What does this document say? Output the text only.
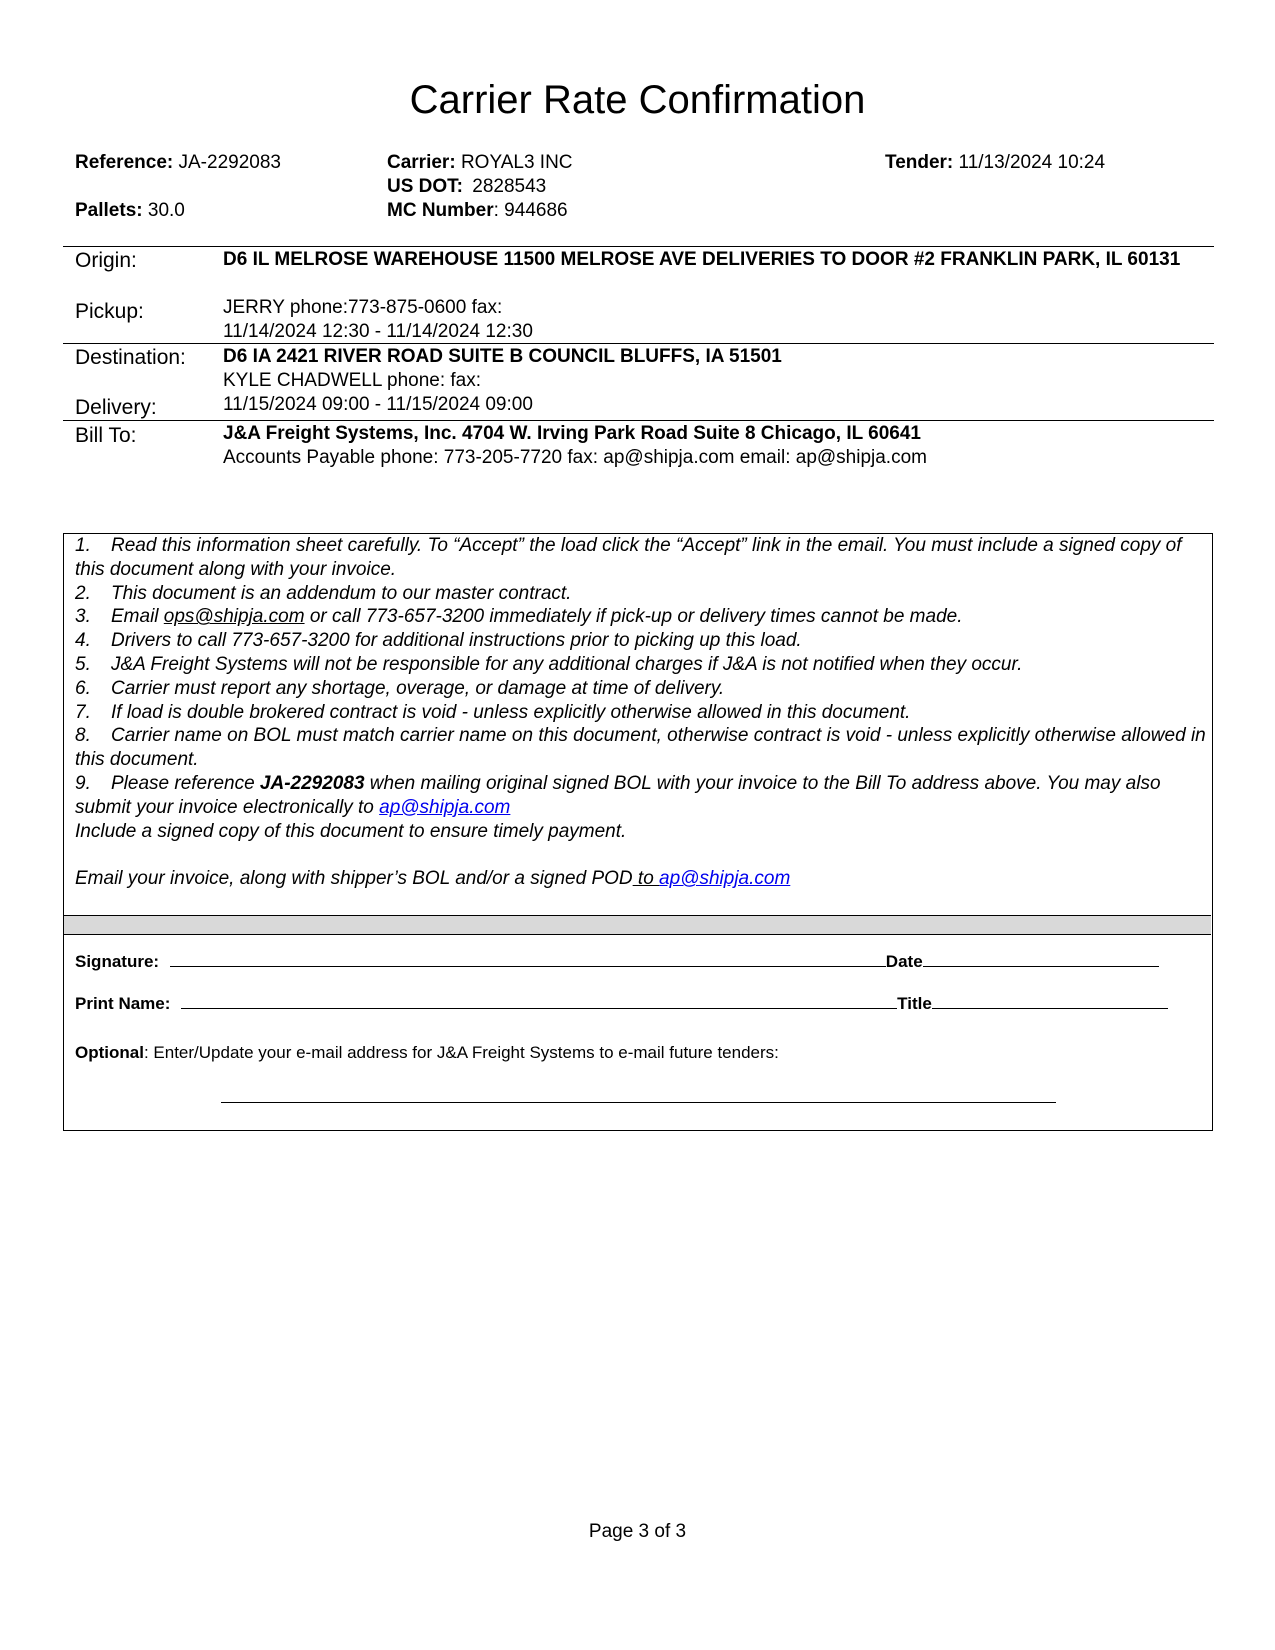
Carrier Rate Confirmation
Reference: JA-2292083
Pallets: 30.0
Carrier: ROYAL3 INC
US DOT: 2828543
MC Number: 944686
Tender: 11/13/2024 10:24
Origin:	D6 IL MELROSE WAREHOUSE 11500 MELROSE AVE DELIVERIES TO DOOR #2 FRANKLIN PARK, IL 60131
Pickup:	JERRY phone:773-875-0600 fax:
11/14/2024 12:30 - 11/14/2024 12:30
Destination: D6 IA 2421 RIVER ROAD SUITE B COUNCIL BLUFFS, IA 51501
KYLE CHADWELL phone: fax:
Delivery:	11/15/2024 09:00 - 11/15/2024 09:00
Bill To:	J&A Freight Systems, Inc. 4704 W. Irving Park Road Suite 8 Chicago, IL 60641
Accounts Payable phone: 773-205-7720 fax: ap@shipja.com email: ap@shipja.com
1. Read this information sheet carefully. To “Accept” the load click the “Accept” link in the email. You must include a signed copy of this document along with your invoice.
2. This document is an addendum to our master contract.
3. Email ops@shipja.com or call 773-657-3200 immediately if pick-up or delivery times cannot be made.
4. Drivers to call 773-657-3200 for additional instructions prior to picking up this load.
5. J&A Freight Systems will not be responsible for any additional charges if J&A is not notified when they occur.
6. Carrier must report any shortage, overage, or damage at time of delivery.
7. If load is double brokered contract is void - unless explicitly otherwise allowed in this document.
8. Carrier name on BOL must match carrier name on this document, otherwise contract is void - unless explicitly otherwise allowed in this document.
9. Please reference JA-2292083 when mailing original signed BOL with your invoice to the Bill To address above. You may also submit your invoice electronically to ap@shipja.com
Include a signed copy of this document to ensure timely payment.

Email your invoice, along with shipper’s BOL and/or a signed POD to ap@shipja.com
Signature:	Date
Print Name:	Title
Optional: Enter/Update your e-mail address for J&A Freight Systems to e-mail future tenders:
Page 3 of 3
